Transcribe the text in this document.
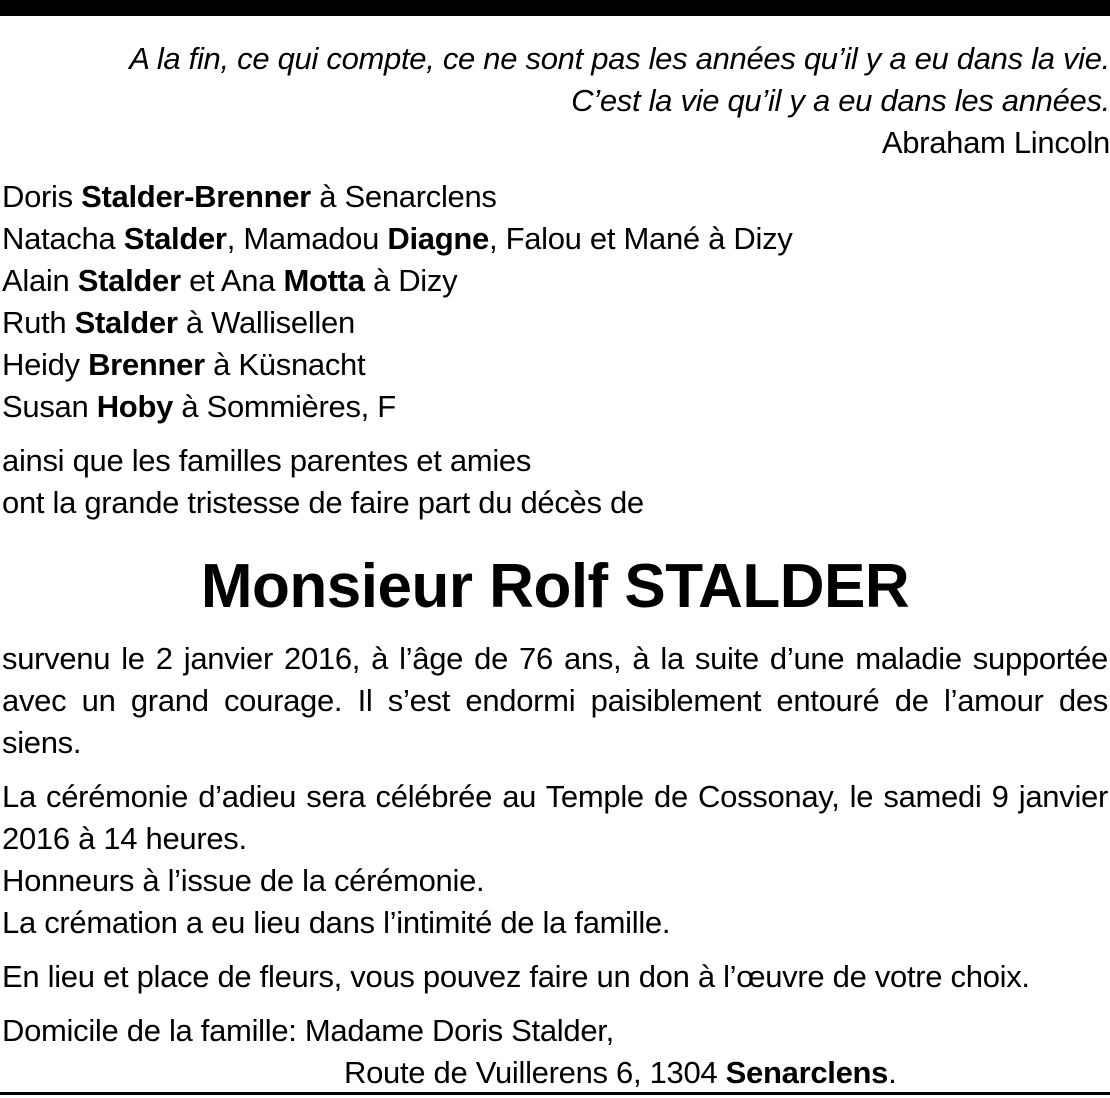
A la fin, ce qui compte, ce ne sont pas les années qu’il y a eu dans la vie.
C’est la vie qu’il y a eu dans les années.
Abraham Lincoln
Doris Stalder-Brenner à Senarclens
Natacha Stalder, Mamadou Diagne, Falou et Mané à Dizy
Alain Stalder et Ana Motta à Dizy
Ruth Stalder à Wallisellen
Heidy Brenner à Küsnacht
Susan Hoby à Sommières, F
ainsi que les familles parentes et amies
ont la grande tristesse de faire part du décès de
Monsieur Rolf STALDER
survenu le 2 janvier 2016, à l’âge de 76 ans, à la suite d’une maladie supportée avec un grand courage. Il s’est endormi paisiblement entouré de l’amour des siens.
La cérémonie d’adieu sera célébrée au Temple de Cossonay, le samedi 9 janvier 2016 à 14 heures.
Honneurs à l’issue de la cérémonie.
La crémation a eu lieu dans l’intimité de la famille.
En lieu et place de fleurs, vous pouvez faire un don à l’œuvre de votre choix.
Domicile de la famille: Madame Doris Stalder,
Route de Vuillerens 6, 1304 Senarclens.
